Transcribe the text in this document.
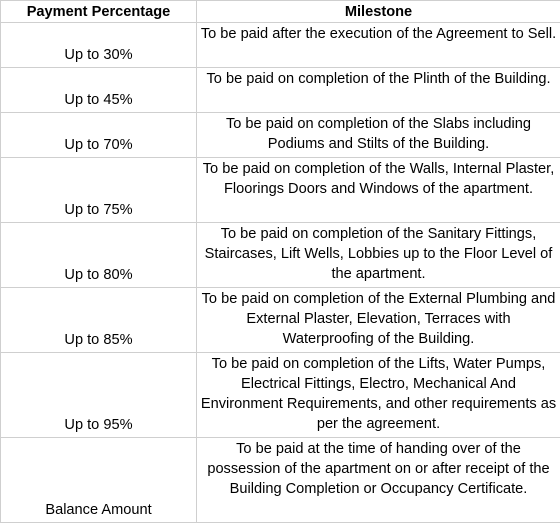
Payment Percentage	Milestone
Up to 30%	To be paid after the execution of the Agreement to Sell.
Up to 45%	To be paid on completion of the Plinth of the Building.
Up to 70%	To be paid on completion of the Slabs including Podiums and Stilts of the Building.
Up to 75%	To be paid on completion of the Walls, Internal Plaster, Floorings Doors and Windows of the apartment.
Up to 80%	To be paid on completion of the Sanitary Fittings, Staircases, Lift Wells, Lobbies up to the Floor Level of the apartment.
Up to 85%	To be paid on completion of the External Plumbing and External Plaster, Elevation, Terraces with Waterproofing of the Building.
Up to 95%	To be paid on completion of the Lifts, Water Pumps, Electrical Fittings, Electro, Mechanical And Environment Requirements, and other requirements as per the agreement.
Balance Amount	To be paid at the time of handing over of the possession of the apartment on or after receipt of the Building Completion or Occupancy Certificate.
